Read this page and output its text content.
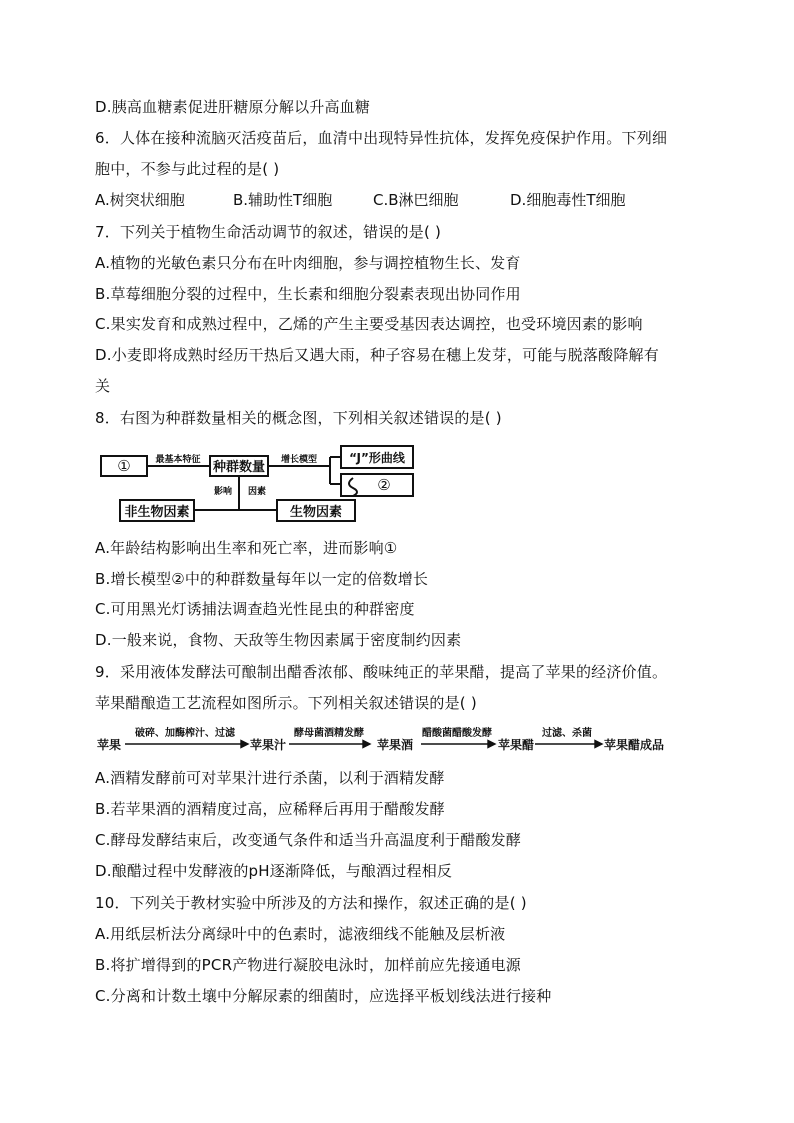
D.胰高血糖素促进肝糖原分解以升高血糖
6．人体在接种流脑灭活疫苗后，血清中出现特异性抗体，发挥免疫保护作用。下列细
胞中，不参与此过程的是( )
A.树突状细胞	B.辅助性T细胞	C.B淋巴细胞	D.细胞毒性T细胞
7．下列关于植物生命活动调节的叙述，错误的是( )
A.植物的光敏色素只分布在叶肉细胞，参与调控植物生长、发育
B.草莓细胞分裂的过程中，生长素和细胞分裂素表现出协同作用
C.果实发育和成熟过程中，乙烯的产生主要受基因表达调控，也受环境因素的影响
D.小麦即将成熟时经历干热后又遇大雨，种子容易在穗上发芽，可能与脱落酸降解有
关
8．右图为种群数量相关的概念图，下列相关叙述错误的是( )
①	最基本特征 种群数量 增长模型	“J”形曲线
②
影响 因素
非生物因素	生物因素
A.年龄结构影响出生率和死亡率，进而影响①
B.增长模型②中的种群数量每年以一定的倍数增长
C.可用黑光灯诱捕法调查趋光性昆虫的种群密度
D.一般来说，食物、天敌等生物因素属于密度制约因素
9．采用液体发酵法可酿制出醋香浓郁、酸味纯正的苹果醋，提高了苹果的经济价值。
苹果醋酿造工艺流程如图所示。下列相关叙述错误的是( )
苹果
破碎、加酶榨汁、过滤
苹果汁
酵母菌酒精发酵
苹果酒
醋酸菌醋酸发酵
苹果醋
过滤、杀菌
苹果醋成品
A.酒精发酵前可对苹果汁进行杀菌，以利于酒精发酵
B.若苹果酒的酒精度过高，应稀释后再用于醋酸发酵
C.酵母发酵结束后，改变通气条件和适当升高温度利于醋酸发酵
D.酿醋过程中发酵液的pH逐渐降低，与酿酒过程相反
10．下列关于教材实验中所涉及的方法和操作，叙述正确的是( )
A.用纸层析法分离绿叶中的色素时，滤液细线不能触及层析液
B.将扩增得到的PCR产物进行凝胶电泳时，加样前应先接通电源
C.分离和计数土壤中分解尿素的细菌时，应选择平板划线法进行接种
